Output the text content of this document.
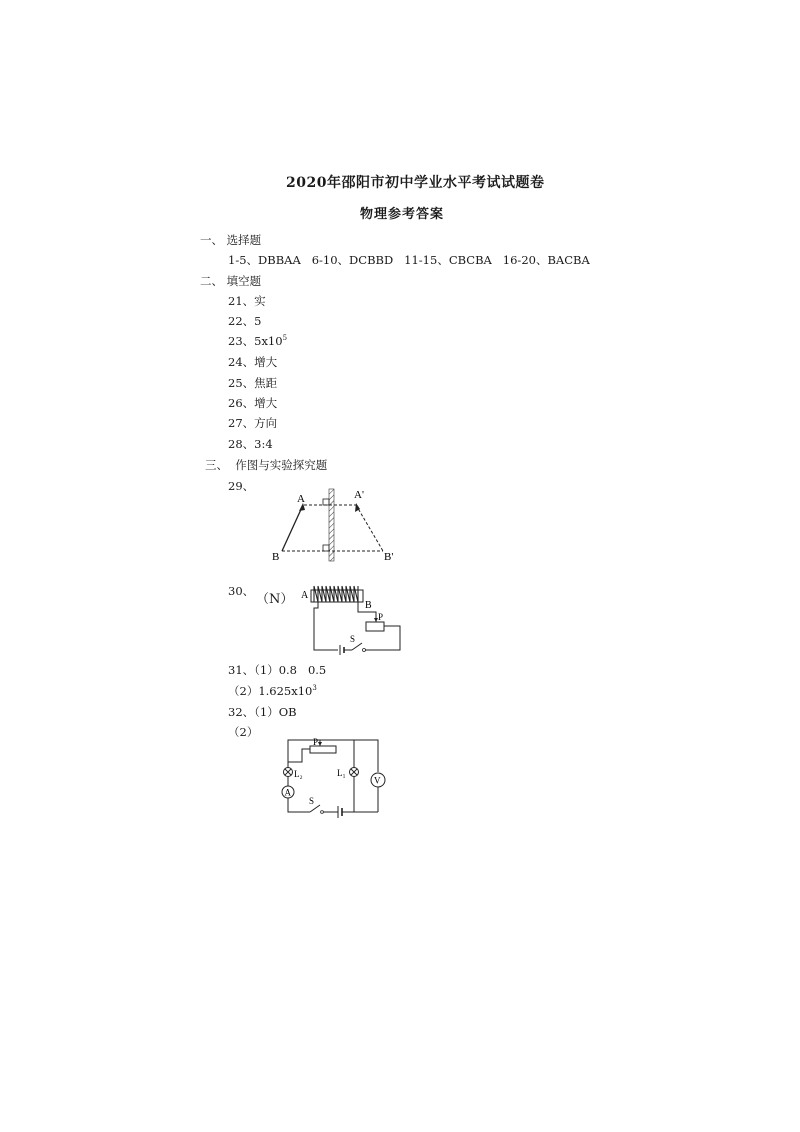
2020年邵阳市初中学业水平考试试题卷
物理参考答案
一、 选择题
1-5、DBBAA   6-10、DCBBD   11-15、CBCBA   16-20、BACBA
二、 填空题
21、实
22、5
23、$5x10^5$
24、增大
25、焦距
26、增大
27、方向
28、3:4
三、  作图与实验探究题
29、
A	A'
B	B'
30、
（N） A
B
P
S
31、（1）0.8   0.5
$(2)1.625x10^3$
32、（1）OB
（2）
P
L₂	L₁
A
V
S
